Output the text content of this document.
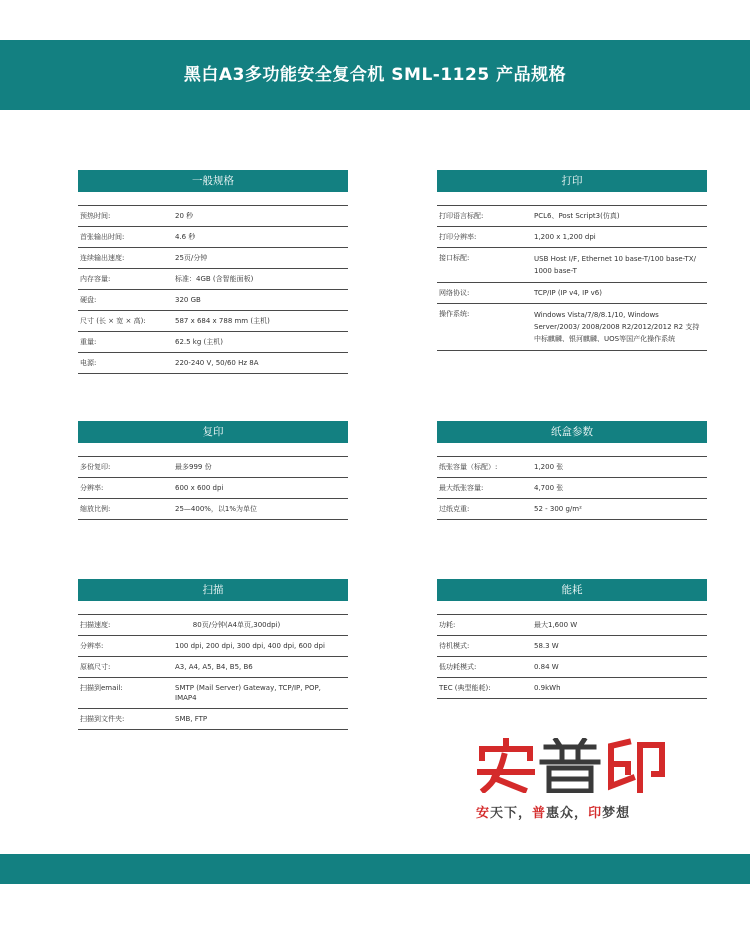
黑白A3多功能安全复合机 SML-1125 产品规格
一般规格
预热时间:	20 秒
首张输出时间:	4.6 秒
连续输出速度:	25页/分钟
内存容量:	标准：4GB (含智能面板)
硬盘:	320 GB
尺寸 (长 × 宽 × 高):	587 x 684 x 788 mm (主机)
重量:	62.5 kg (主机)
电源:	220-240 V, 50/60 Hz 8A
打印
打印语言标配:	PCL6、Post Script3(仿真)
打印分辨率:	1,200 x 1,200 dpi
接口标配:	USB Host I/F, Ethernet 10 base-T/100 base-TX/ 1000 base-T
网络协议:	TCP/IP (IP v4, IP v6)
操作系统:	Windows Vista/7/8/8.1/10, Windows Server/2003/ 2008/2008 R2/2012/2012 R2 支持中标麒麟、银河麒麟、UOS等国产化操作系统
复印
多份复印:	最多999 份
分辨率:	600 x 600 dpi
缩放比例:	25—400%，以1%为单位
纸盒参数
纸张容量（标配）:	1,200 张
最大纸张容量:	4,700 张
过纸克重:	52 - 300 g/m²
扫描
扫描速度:	80页/分钟(A4单页,300dpi)
分辨率:	100 dpi, 200 dpi, 300 dpi, 400 dpi, 600 dpi
原稿尺寸:	A3, A4, A5, B4, B5, B6
扫描到email:	SMTP (Mail Server) Gateway, TCP/IP, POP, IMAP4
扫描到文件夹:	SMB, FTP
能耗
功耗:	最大1,600 W
待机模式:	58.3 W
低功耗模式:	0.84 W
TEC (典型能耗):	0.9kWh
安天下，普惠众，印梦想
